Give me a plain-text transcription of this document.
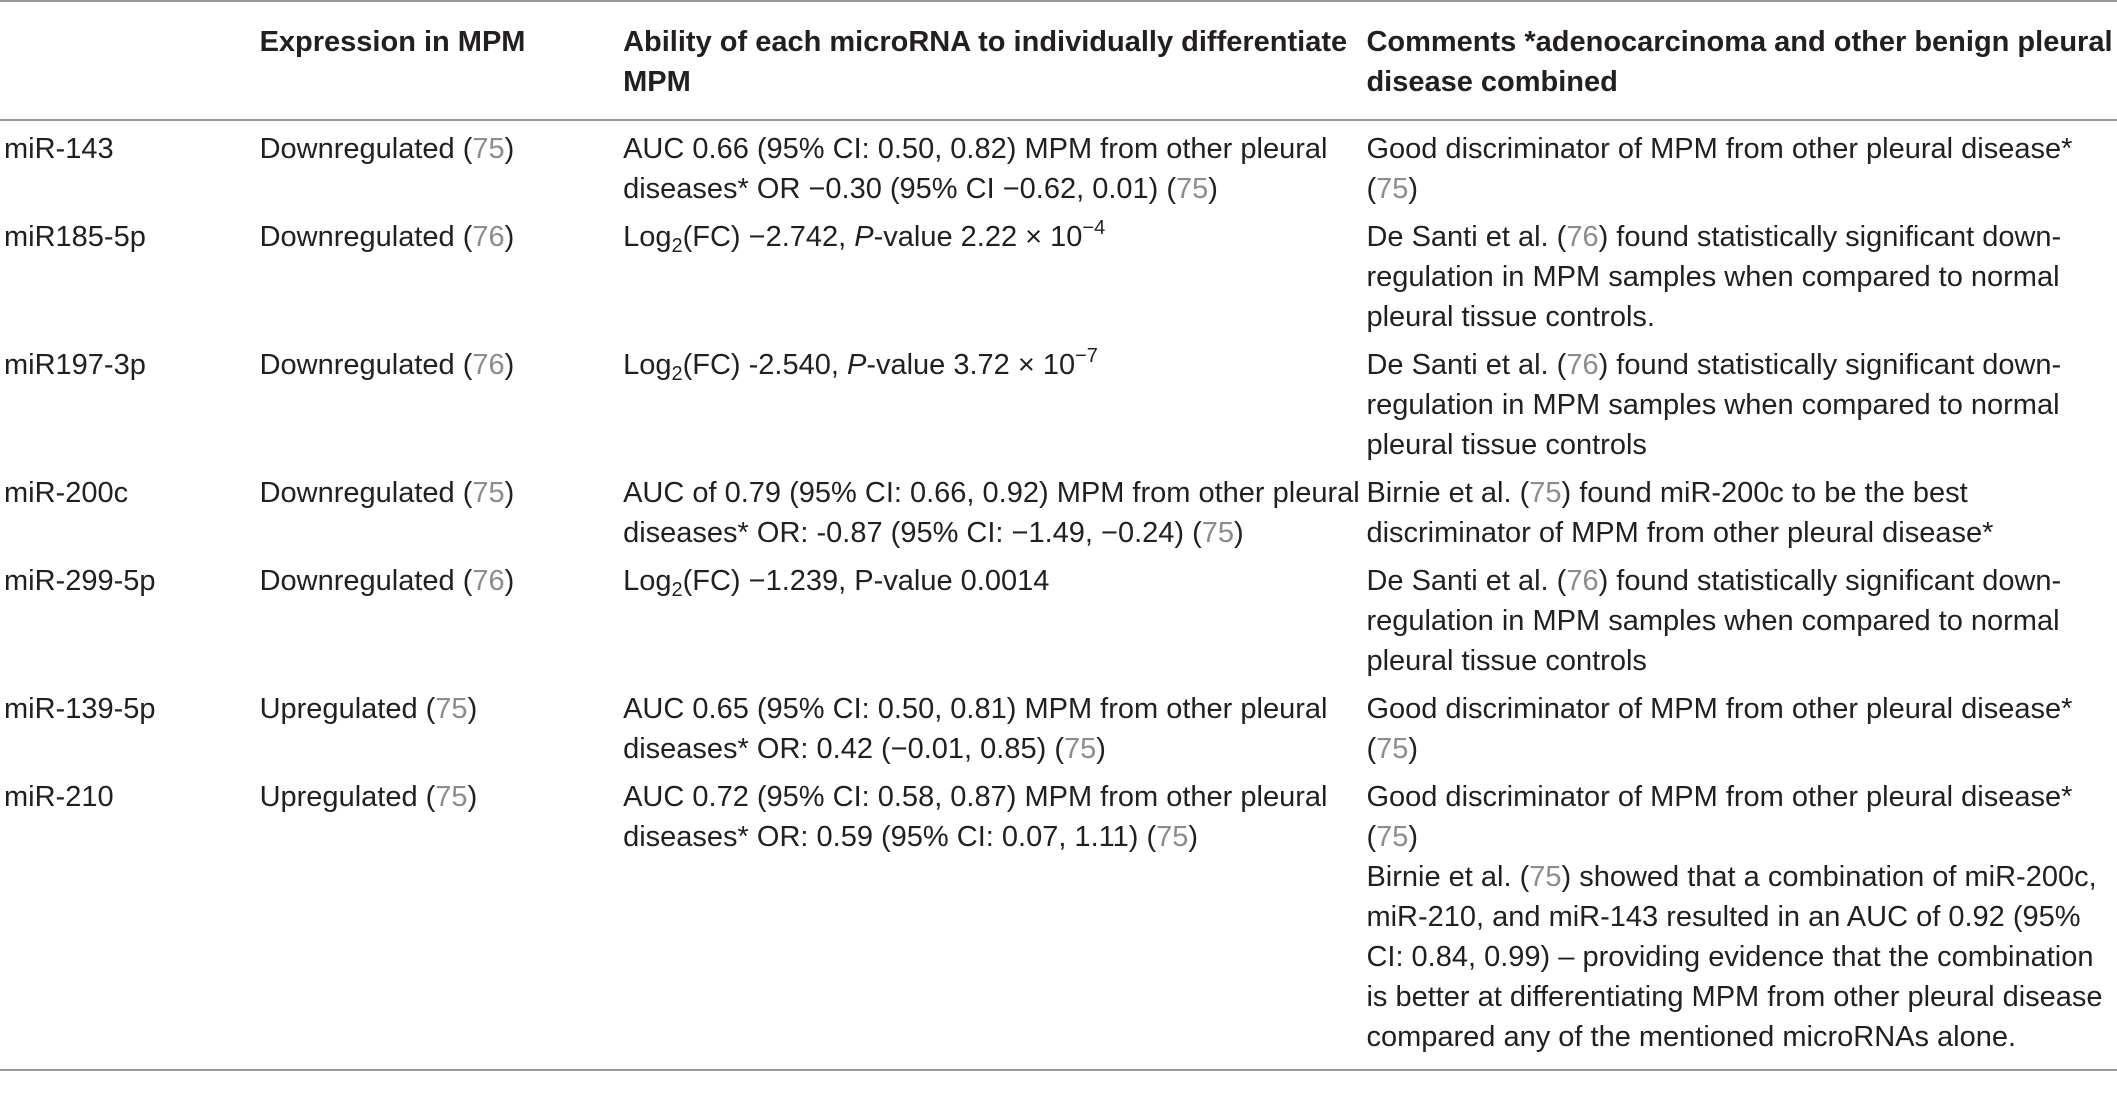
	Expression in MPM	Ability of each microRNA to individually differentiate MPM	Comments *adenocarcinoma and other benign pleural disease combined
miR-143	Downregulated (75)	AUC 0.66 (95% CI: 0.50, 0.82) MPM from other pleural diseases* OR −0.30 (95% CI −0.62, 0.01) (75)	Good discriminator of MPM from other pleural disease* (75)
miR185-5p	Downregulated (76)	Log$_2$(FC) −2.742, P-value $2.22 \times 10^{-4}$	De Santi et al. (76) found statistically significant down-regulation in MPM samples when compared to normal pleural tissue controls.
miR197-3p	Downregulated (76)	Log$_2$(FC) -2.540, P-value $3.72 \times 10^{-7}$	De Santi et al. (76) found statistically significant down-regulation in MPM samples when compared to normal pleural tissue controls
miR-200c	Downregulated (75)	AUC of 0.79 (95% CI: 0.66, 0.92) MPM from other pleural diseases* OR: -0.87 (95% CI: −1.49, −0.24) (75)	Birnie et al. (75) found miR-200c to be the best discriminator of MPM from other pleural disease*
miR-299-5p	Downregulated (76)	Log$_2$(FC) −1.239, P-value 0.0014	De Santi et al. (76) found statistically significant down-regulation in MPM samples when compared to normal pleural tissue controls
miR-139-5p	Upregulated (75)	AUC 0.65 (95% CI: 0.50, 0.81) MPM from other pleural diseases* OR: 0.42 (−0.01, 0.85) (75)	Good discriminator of MPM from other pleural disease* (75)
miR-210	Upregulated (75)	AUC 0.72 (95% CI: 0.58, 0.87) MPM from other pleural diseases* OR: 0.59 (95% CI: 0.07, 1.11) (75)	Good discriminator of MPM from other pleural disease* (75)
Birnie et al. (75) showed that a combination of miR-200c, miR-210, and miR-143 resulted in an AUC of 0.92 (95% CI: 0.84, 0.99) – providing evidence that the combination is better at differentiating MPM from other pleural disease compared any of the mentioned microRNAs alone.
